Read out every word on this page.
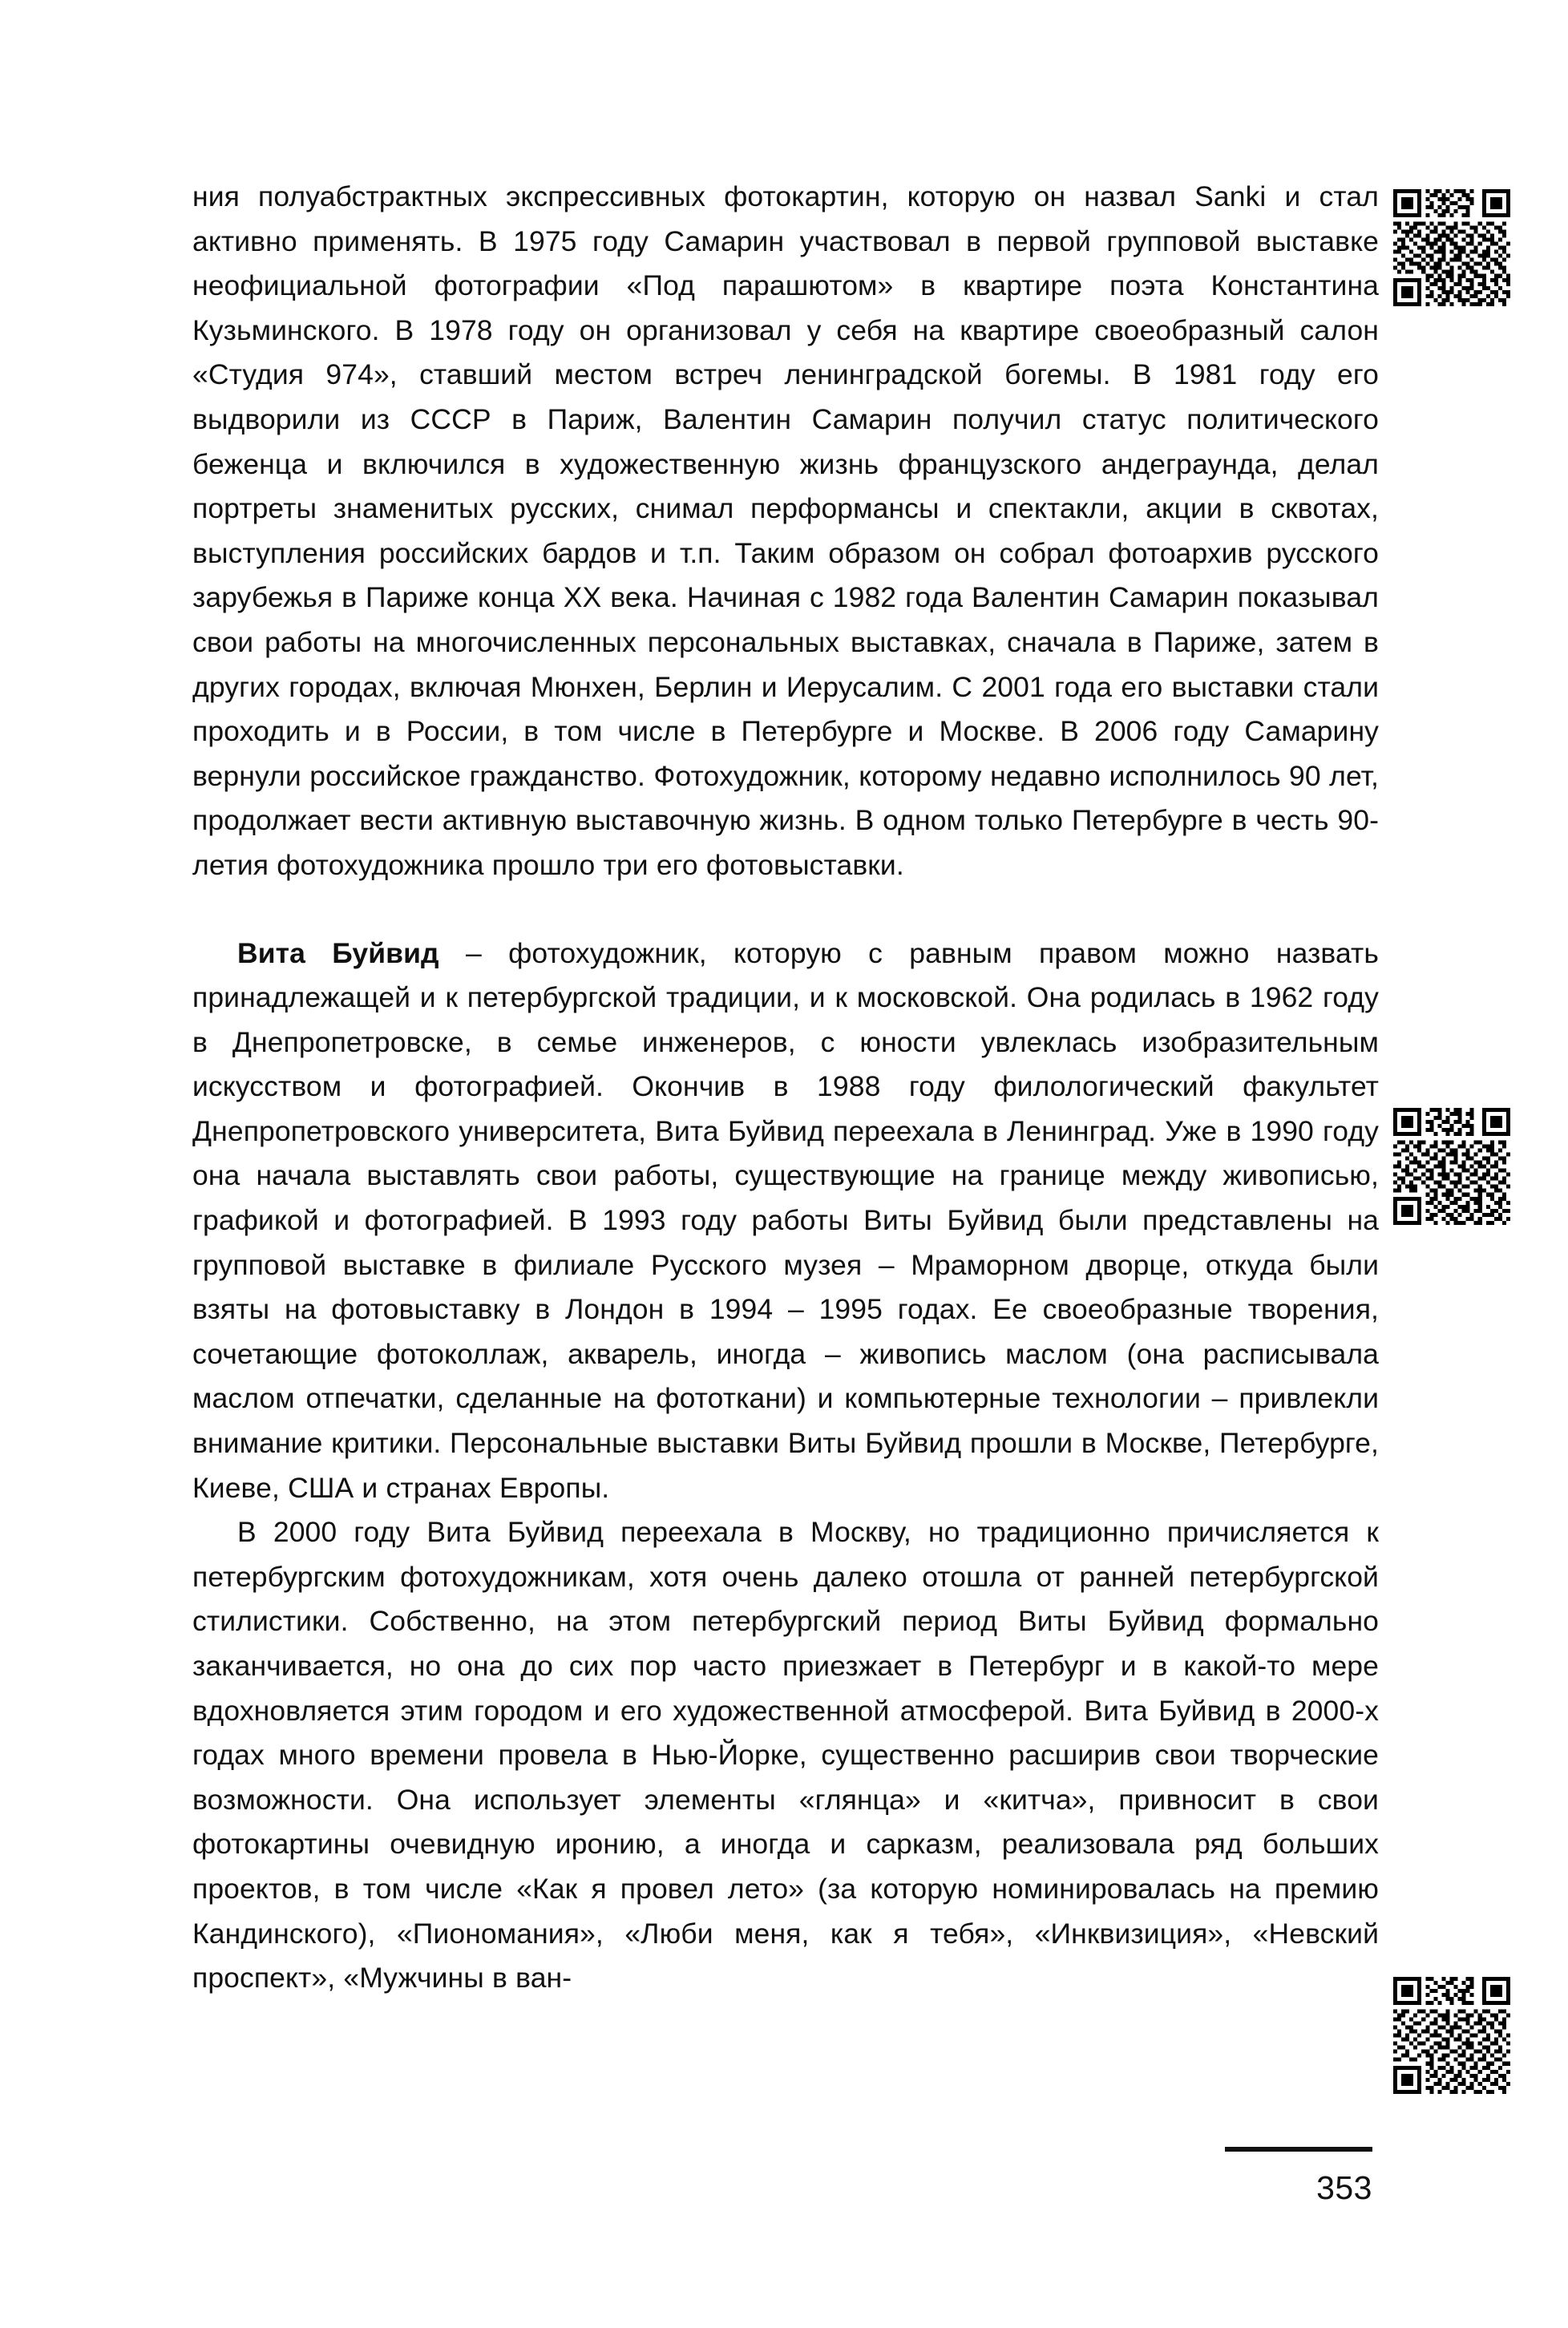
ния полуабстрактных экспрессивных фотокартин, которую он назвал Sanki и стал активно применять. В 1975 году Самарин участвовал в первой групповой выставке неофициальной фотографии «Под парашютом» в квартире поэта Константина Кузьминского. В 1978 году он организовал у себя на квартире своеобразный салон «Студия 974», ставший местом встреч ленинградской богемы. В 1981 году его выдворили из СССР в Париж, Валентин Самарин получил статус политического беженца и включился в художественную жизнь французского андеграунда, делал портреты знаменитых русских, снимал перформансы и спектакли, акции в сквотах, выступления российских бардов и т.п. Таким образом он собрал фотоархив русского зарубежья в Париже конца XX века. Начиная с 1982 года Валентин Самарин показывал свои работы на многочисленных персональных выставках, сначала в Париже, затем в других городах, включая Мюнхен, Берлин и Иерусалим. С 2001 года его выставки стали проходить и в России, в том числе в Петербурге и Москве. В 2006 году Самарину вернули российское гражданство. Фотохудожник, которому недавно исполнилось 90 лет, продолжает вести активную выставочную жизнь. В одном только Петербурге в честь 90-летия фотохудожника прошло три его фотовыставки.

Вита Буйвид – фотохудожник, которую с равным правом можно назвать принадлежащей и к петербургской традиции, и к московской. Она родилась в 1962 году в Днепропетровске, в семье инженеров, с юности увлеклась изобразительным искусством и фотографией. Окончив в 1988 году филологический факультет Днепропетровского университета, Вита Буйвид переехала в Ленинград. Уже в 1990 году она начала выставлять свои работы, существующие на границе между живописью, графикой и фотографией. В 1993 году работы Виты Буйвид были представлены на групповой выставке в филиале Русского музея – Мраморном дворце, откуда были взяты на фотовыставку в Лондон в 1994 – 1995 годах. Ее своеобразные творения, сочетающие фотоколлаж, акварель, иногда – живопись маслом (она расписывала маслом отпечатки, сделанные на фототкани) и компьютерные технологии – привлекли внимание критики. Персональные выставки Виты Буйвид прошли в Москве, Петербурге, Киеве, США и странах Европы.

В 2000 году Вита Буйвид переехала в Москву, но традиционно причисляется к петербургским фотохудожникам, хотя очень далеко отошла от ранней петербургской стилистики. Собственно, на этом петербургский период Виты Буйвид формально заканчивается, но она до сих пор часто приезжает в Петербург и в какой-то мере вдохновляется этим городом и его художественной атмосферой. Вита Буйвид в 2000-х годах много времени провела в Нью-Йорке, существенно расширив свои творческие возможности. Она использует элементы «глянца» и «китча», привносит в свои фотокартины очевидную иронию, а иногда и сарказм, реализовала ряд больших проектов, в том числе «Как я провел лето» (за которую номинировалась на премию Кандинского), «Пиономания», «Люби меня, как я тебя», «Инквизиция», «Невский проспект», «Мужчины в ван-

353
